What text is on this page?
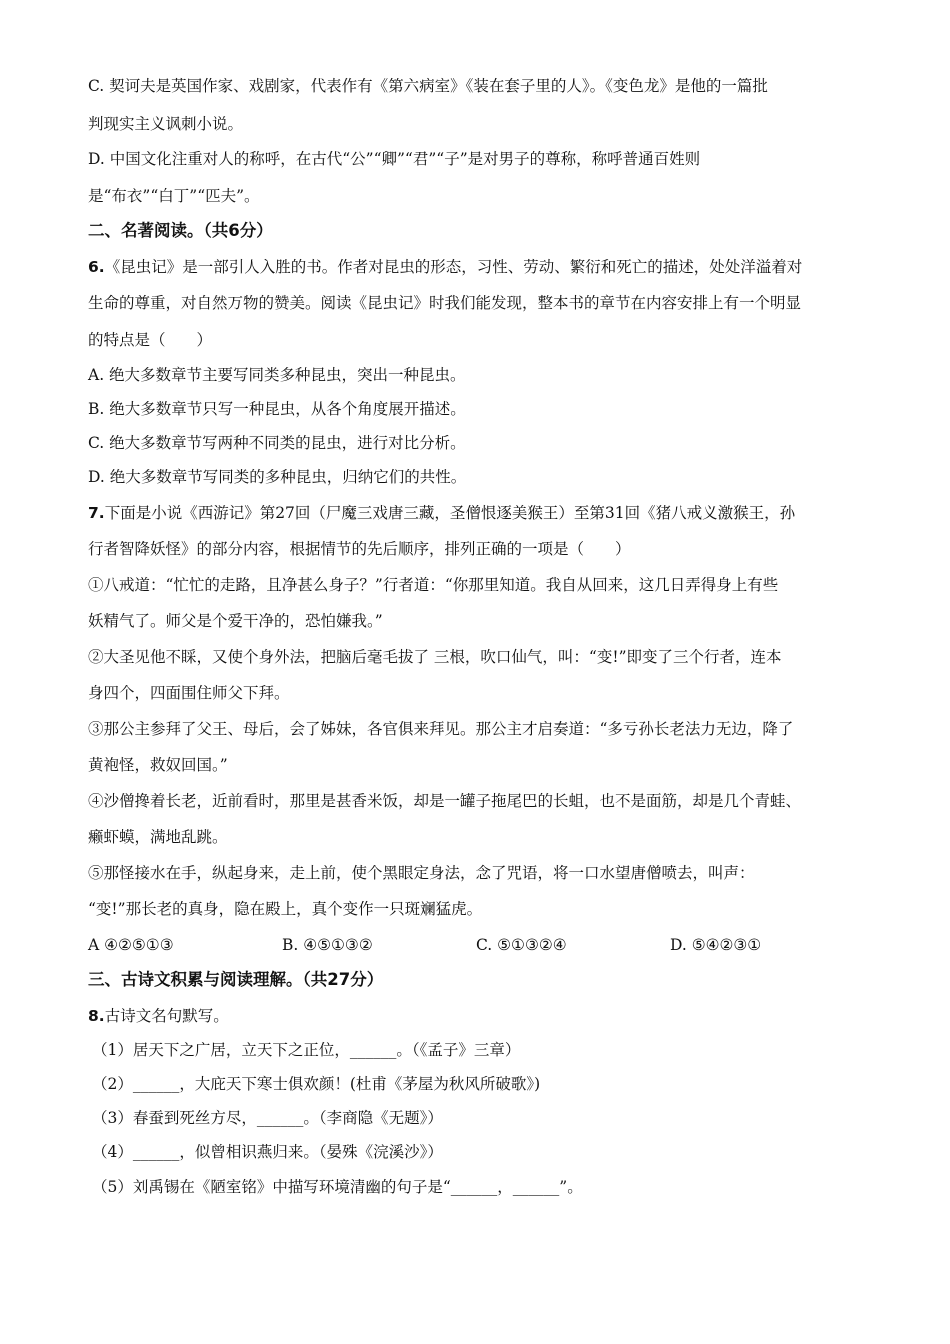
C. 契诃夫是英国作家、戏剧家，代表作有《第六病室》《装在套子里的人》。《变色龙》是他的一篇批
判现实主义讽刺小说。
D. 中国文化注重对人的称呼，在古代“公”“卿”“君”“子”是对男子的尊称，称呼普通百姓则
是“布衣”“白丁”“匹夫”。
二、名著阅读。（共6分）
6.《昆虫记》是一部引人入胜的书。作者对昆虫的形态，习性、劳动、繁衍和死亡的描述，处处洋溢着对
生命的尊重，对自然万物的赞美。阅读《昆虫记》时我们能发现，整本书的章节在内容安排上有一个明显
的特点是（　　）
A. 绝大多数章节主要写同类多种昆虫，突出一种昆虫。
B. 绝大多数章节只写一种昆虫，从各个角度展开描述。
C. 绝大多数章节写两种不同类的昆虫，进行对比分析。
D. 绝大多数章节写同类的多种昆虫，归纳它们的共性。
7.下面是小说《西游记》第27回（尸魔三戏唐三藏，圣僧恨逐美猴王）至第31回《猪八戒义激猴王，孙
行者智降妖怪》的部分内容，根据情节的先后顺序，排列正确的一项是（　　）
①八戒道：“忙忙的走路，且净甚么身子？”行者道：“你那里知道。我自从回来，这几日弄得身上有些
妖精气了。师父是个爱干净的，恐怕嫌我。”
②大圣见他不睬，又使个身外法，把脑后毫毛拔了 三根，吹口仙气，叫：“变!”即变了三个行者，连本
身四个，四面围住师父下拜。
③那公主参拜了父王、母后，会了姊妹，各官俱来拜见。那公主才启奏道：“多亏孙长老法力无边，降了
黄袍怪，救奴回国。”
④沙僧搀着长老，近前看时，那里是甚香米饭，却是一罐子拖尾巴的长蛆，也不是面筋，却是几个青蛙、
癞虾蟆，满地乱跳。
⑤那怪接水在手，纵起身来，走上前，使个黑眼定身法，念了咒语，将一口水望唐僧喷去，叫声：
“变!”那长老的真身，隐在殿上，真个变作一只斑斓猛虎。
A ④②⑤①③	B. ④⑤①③②	C. ⑤①③②④	D. ⑤④②③①
三、古诗文积累与阅读理解。（共27分）
8.古诗文名句默写。
（1）居天下之广居，立天下之正位，______。（《孟子》三章）
（2）______，大庇天下寒士俱欢颜！(杜甫《茅屋为秋风所破歌》)
（3）春蚕到死丝方尽，______。（李商隐《无题》）
（4）______，似曾相识燕归来。（晏殊《浣溪沙》）
（5）刘禹锡在《陋室铭》中描写环境清幽的句子是“______，______”。
